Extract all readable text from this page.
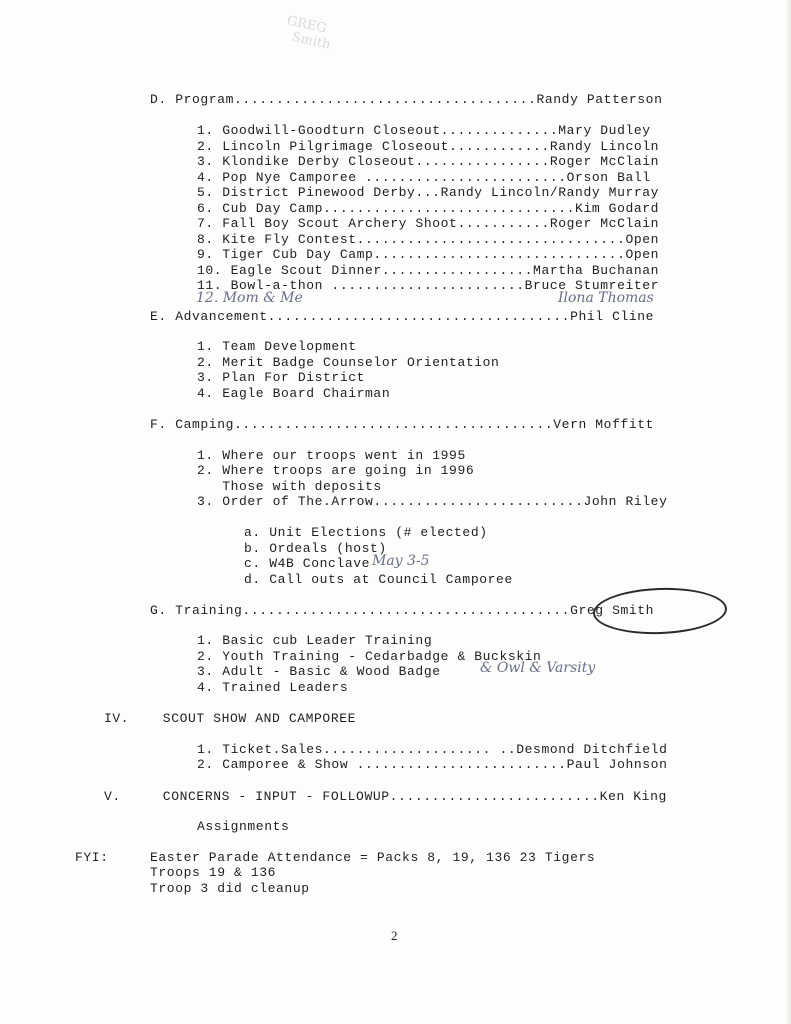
GREG
Smith
D. Program....................................Randy Patterson
1. Goodwill-Goodturn Closeout..............Mary Dudley
2. Lincoln Pilgrimage Closeout............Randy Lincoln
3. Klondike Derby Closeout................Roger McClain
4. Pop Nye Camporee ........................Orson Ball
5. District Pinewood Derby...Randy Lincoln/Randy Murray
6. Cub Day Camp..............................Kim Godard
7. Fall Boy Scout Archery Shoot...........Roger McClain
8. Kite Fly Contest................................Open
9. Tiger Cub Day Camp..............................Open
10. Eagle Scout Dinner..................Martha Buchanan
11. Bowl-a-thon .......................Bruce Stumreiter
12. Mom & Me	Ilona Thomas
E. Advancement....................................Phil Cline
1. Team Development
2. Merit Badge Counselor Orientation
3. Plan For District
4. Eagle Board Chairman
F. Camping......................................Vern Moffitt
1. Where our troops went in 1995
2. Where troops are going in 1996
Those with deposits
3. Order of The.Arrow.........................John Riley
a. Unit Elections (# elected)
b. Ordeals (host)
c. W4B Conclave May 3-5
d. Call outs at Council Camporee
G. Training.......................................Greg Smith
1. Basic cub Leader Training
2. Youth Training - Cedarbadge & Buckskin
3. Adult - Basic & Wood Badge	& Owl & Varsity
4. Trained Leaders
IV.    SCOUT SHOW AND CAMPOREE
1. Ticket.Sales.................... ..Desmond Ditchfield
2. Camporee & Show .........................Paul Johnson
V.     CONCERNS - INPUT - FOLLOWUP.........................Ken King
Assignments
FYI:	Easter Parade Attendance = Packs 8, 19, 136 23 Tigers
Troops 19 & 136
Troop 3 did cleanup
2
